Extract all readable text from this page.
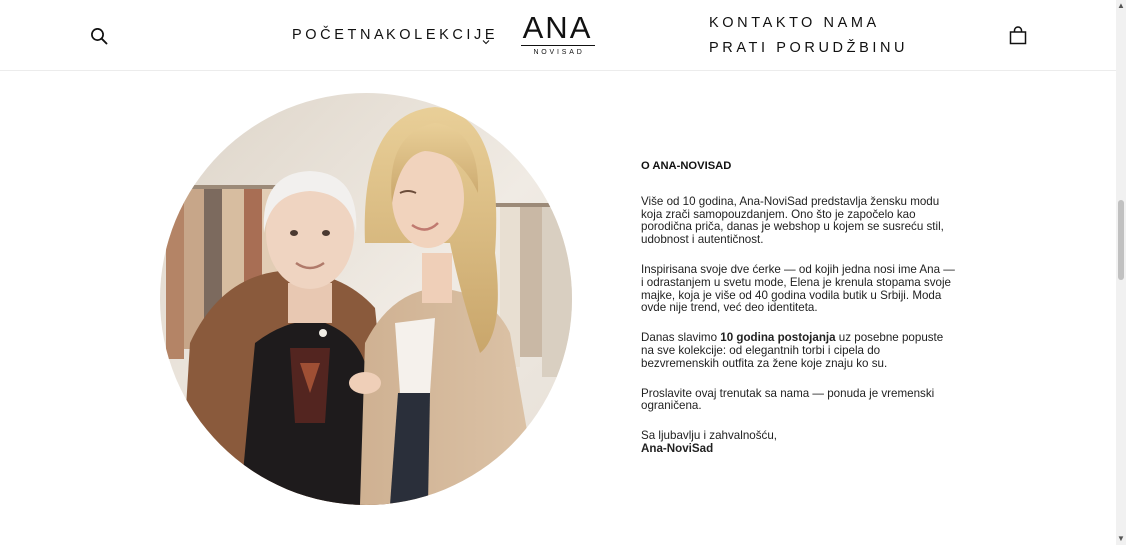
POČETNA
KOLEKCIJE ANA
NOVISAD
KONTAKT O NAMA
PRATI PORUDŽBINU

O ANA-NOVISAD

Više od 10 godina, Ana-NoviSad predstavlja žensku modu koja zrači samopouzdanjem. Ono što je započelo kao porodična priča, danas je webshop u kojem se susreću stil, udobnost i autentičnost.

Inspirisana svoje dve ćerke — od kojih jedna nosi ime Ana — i odrastanjem u svetu mode, Elena je krenula stopama svoje majke, koja je više od 40 godina vodila butik u Srbiji. Moda ovde nije trend, već deo identiteta.

Danas slavimo 10 godina postojanja uz posebne popuste na sve kolekcije: od elegantnih torbi i cipela do bezvremenskih outfita za žene koje znaju ko su.

Proslavite ovaj trenutak sa nama — ponuda je vremenski ograničena.

Sa ljubavlju i zahvalnošću,

Ana-NoviSad

▲
▼
